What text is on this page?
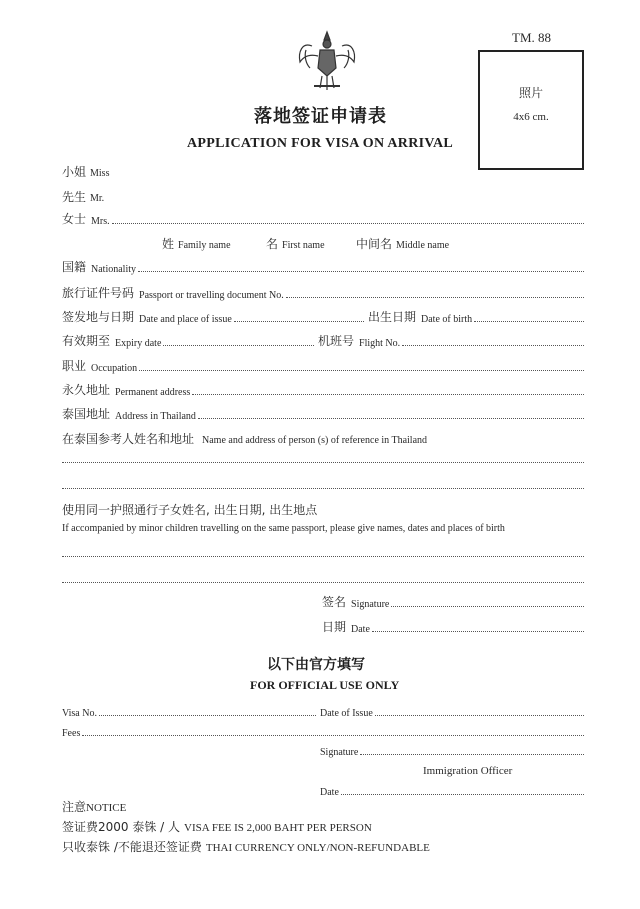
TM. 88
照片
4x6 cm.
落地签证申请表
APPLICATION FOR VISA ON ARRIVAL
小姐 Miss
先生 Mr.
女士 Mrs.
姓 Family name	名 First name	中间名 Middle name
国籍 Nationality
旅行证件号码 Passport or travelling document No.
签发地与日期 Date and place of issue	出生日期 Date of birth
有效期至 Expiry date	机班号 Flight No.
职业 Occupation
永久地址 Permanent address
泰国地址 Address in Thailand
在泰国参考人姓名和地址 Name and address of person (s) of reference in Thailand
使用同一护照通行子女姓名, 出生日期, 出生地点
If accompanied by minor children travelling on the same passport, please give names, dates and places of birth
签名 Signature
日期 Date
以下由官方填写
FOR OFFICIAL USE ONLY
Visa No.	Date of Issue
Fees
Signature
Immigration Officer
Date
注意NOTICE
签证费2000 泰铢 / 人 VISA FEE IS 2,000 BAHT PER PERSON
只收泰铢 /不能退还签证费 THAI CURRENCY ONLY/NON-REFUNDABLE
